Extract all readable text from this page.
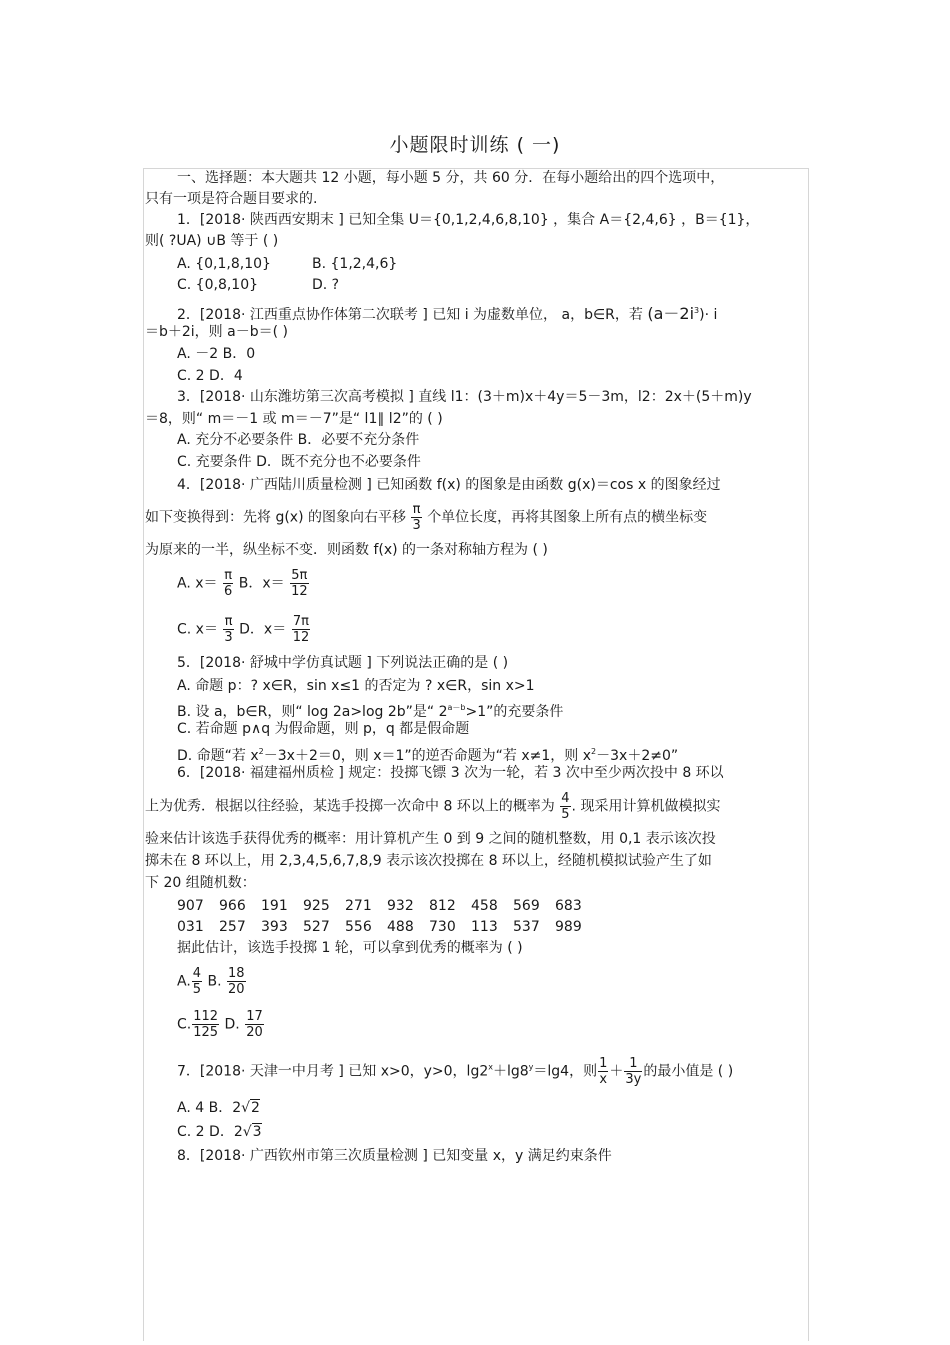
小题限时训练 ( 一)
一、选择题：本大题共 12 小题，每小题 5 分，共 60 分．在每小题给出的四个选项中，
只有一项是符合题目要求的.
1．[2018· 陕西西安期末 ] 已知全集 U＝{0,1,2,4,6,8,10} ，集合 A＝{2,4,6} ，B＝{1}，
则( ?UA) ∪B 等于 ( )
A. {0,1,8,10}	B. {1,2,4,6}
C. {0,8,10}	D. ?
2．[2018· 江西重点协作体第二次联考 ] 已知 i 为虚数单位， a，b∈R，若 $(a-2i^3)\cdot i$
＝b＋2i，则 a－b＝( )
A. －2 B．0
C. 2 D．4
3．[2018· 山东潍坊第三次高考模拟 ] 直线 l1：(3＋m)x＋4y＝5－3m，l2：2x＋(5＋m)y
＝8，则“ m＝－1 或 m＝－7”是“ l1∥ l2”的 ( )
A. 充分不必要条件 B．必要不充分条件
C. 充要条件 D．既不充分也不必要条件
4．[2018· 广西陆川质量检测 ] 已知函数 f(x) 的图象是由函数 g(x)＝cos x 的图象经过
如下变换得到：先将 g(x) 的图象向右平移 $\frac{\pi}{3}$ 个单位长度，再将其图象上所有点的横坐标变
为原来的一半，纵坐标不变．则函数 f(x) 的一条对称轴方程为 ( )
A. $x= \frac{\pi}{6}$ B．$x= \frac{5\pi}{12}$
C. $x= \frac{\pi}{3}$ D．$x= \frac{7\pi}{12}$
5．[2018· 舒城中学仿真试题 ] 下列说法正确的是 ( )
A. 命题 p：? x∈R，sin x≤1 的否定为 ? x∈R，sin x>1
B. 设 a，b∈R，则“ log 2a>log 2b”是“ $2^{a-b}>1$”的充要条件
C. 若命题 p∧q 为假命题，则 p，q 都是假命题
D. 命题“若 $x^2-3x+2=0$，则 x＝1”的逆否命题为“若 x≠1，则 $x^2-3x+2\ne 0$”
6．[2018· 福建福州质检 ] 规定：投掷飞镖 3 次为一轮，若 3 次中至少两次投中 8 环以
上为优秀．根据以往经验，某选手投掷一次命中 8 环以上的概率为 $\frac{4}{5}$ . 现采用计算机做模拟实
验来估计该选手获得优秀的概率：用计算机产生 0 到 9 之间的随机整数，用 0,1 表示该次投
掷未在 8 环以上，用 2,3,4,5,6,7,8,9 表示该次投掷在 8 环以上，经随机模拟试验产生了如
下 20 组随机数：
907	966	191	925	271	932	812	458	569	683
031	257	393	527	556	488	730	113	537	989
据此估计，该选手投掷 1 轮，可以拿到优秀的概率为 ( )
A. $\frac{4}{5} B$. $\frac{18}{20}$
C. $\frac{112}{125} D$. $\frac{17}{20}$
7．[2018· 天津一中月考 ] 已知 x>0，y>0，$\lg 2^x+\lg 8^y=\lg 4$，则 $\frac{1}{x} + \frac{1}{3y}$ 的最小值是 ( )
A. 4 B．2√2
C. 2 D．2√3
8．[2018· 广西钦州市第三次质量检测 ] 已知变量 x，y 满足约束条件
